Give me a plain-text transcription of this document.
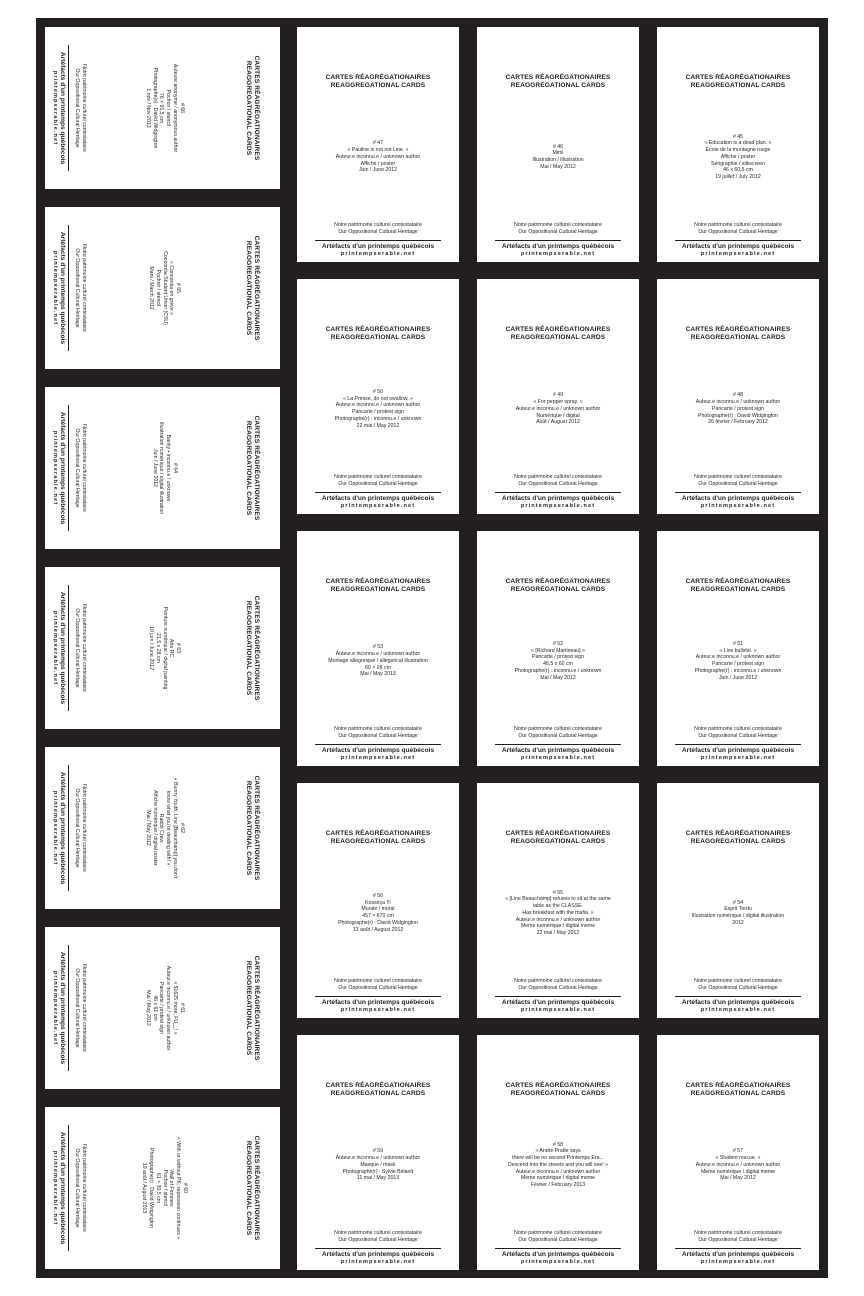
CARTES RÉAGRÉGATIONAIRES
REAGGREGATIONAL CARDS
# 66
Auteure anonyme / anonymous author
Pochoir / stencil
76 × 91,5 cm
Photographe(s) : David Widgington
1 nov / Nov 2013
Notre patrimoine culturel contestataire
Our Oppositional Cultural Heritage
Artéfacts d'un printemps québécois
printempserable.net	CARTES RÉAGRÉGATIONAIRES
REAGGREGATIONAL CARDS
# 47
« Pauline is not not Line. »
Auteur.e inconnu.e / unknown author
Affiche / poster
Juin / June 2012
Notre patrimoine culturel contestataire
Our Oppositional Cultural Heritage
Artéfacts d'un printemps québécois
printempserable.net
CARTES RÉAGRÉGATIONAIRES
REAGGREGATIONAL CARDS
# 46
Mimi
Illustration / illustration
Mai / May 2012
Notre patrimoine culturel contestataire
Our Oppositional Cultural Heritage
Artéfacts d'un printemps québécois
printempserable.net
CARTES RÉAGRÉGATIONAIRES
REAGGREGATIONAL CARDS
# 45
« Education is a dead plan. »
École de la montagne rouge
Affiche / poster
Sérigraphie / silkscreen
46 x 60,5 cm
19 juillet / July 2012
Notre patrimoine culturel contestataire
Our Oppositional Cultural Heritage
Artéfacts d'un printemps québécois
printempserable.net
CARTES RÉAGRÉGATIONAIRES
REAGGREGATIONAL CARDS
# 65
« Concordia en grève »
Concordia Student Union (CSU)
Pochoir / stencil
Mars / March 2012
Notre patrimoine culturel contestataire
Our Oppositional Cultural Heritage
Artéfacts d'un printemps québécois
printempserable.net
CARTES RÉAGRÉGATIONAIRES
REAGGREGATIONAL CARDS
# 50
« La Presse, do not swallow. »
Auteur.e inconnu.e / unknown author
Pancarte / protest sign
Photographe(r) : inconnu.e / unknown
22 mai / May 2012
Notre patrimoine culturel contestataire
Our Oppositional Cultural Heritage
Artéfacts d'un printemps québécois
printempserable.net
CARTES RÉAGRÉGATIONAIRES
REAGGREGATIONAL CARDS
# 49
« For pepper spray. »
Auteur.e inconnu.e / unknown author
Numérique / digital
Août / August 2012
Notre patrimoine culturel contestataire
Our Oppositional Cultural Heritage
Artéfacts d'un printemps québécois
printempserable.net
CARTES RÉAGRÉGATIONAIRES
REAGGREGATIONAL CARDS
# 48
Auteur.e inconnu.e / unknown author
Pancarte / protest sign
Photographe(r) : David Widgington
26 février / February 2012
Notre patrimoine culturel contestataire
Our Oppositional Cultural Heritage
Artéfacts d'un printemps québécois
printempserable.net
CARTES RÉAGRÉGATIONAIRES
REAGGREGATIONAL CARDS
# 64
Banky • inconnu.e / unknown
Illustration numérique / digital illustration
Juin / June 2012
Notre patrimoine culturel contestataire
Our Oppositional Cultural Heritage
Artéfacts d'un printemps québécois
printempserable.net
CARTES RÉAGRÉGATIONAIRES
REAGGREGATIONAL CARDS
# 63
Arts RC
Peinture numérique / digital painting
21,5 x 28 cm
10 juin / June 2012
Notre patrimoine culturel contestataire
Our Oppositional Cultural Heritage
Artéfacts d'un printemps québécois
printempserable.net
CARTES RÉAGRÉGATIONAIRES
REAGGREGATIONAL CARDS
# 53
Auteur.e inconnu.e / unknown author
Montage allégorique / allegorical illustration
60 × 28 cm
Mai / May 2013
Notre patrimoine culturel contestataire
Our Oppositional Cultural Heritage
Artéfacts d'un printemps québécois
printempserable.net
CARTES RÉAGRÉGATIONAIRES
REAGGREGATIONAL CARDS
# 52
« [Richard Martineau] »
Pancarte / protest sign
46,5 x 60 cm
Photographe(r) : inconnu.e / unknown
Mai / May 2012
Notre patrimoine culturel contestataire
Our Oppositional Cultural Heritage
Artéfacts d'un printemps québécois
printempserable.net
CARTES RÉAGRÉGATIONAIRES
REAGGREGATIONAL CARDS
# 51
« Live bullshit. »
Auteur.e inconnu.e / unknown author
Pancarte / protest sign
Photographe(r) : inconnu.e / unknown
Juin / June 2012
Notre patrimoine culturel contestataire
Our Oppositional Cultural Heritage
Artéfacts d'un printemps québécois
printempserable.net
CARTES RÉAGRÉGATIONAIRES
REAGGREGATIONAL CARDS
# 62
« Bunny Youth, Line [Beauchamp] you don't
know what you're dealing with! »
Rabbit Crew
Affiche numérique / digital poster
Mai / May 2012
Notre patrimoine culturel contestataire
Our Oppositional Cultural Heritage
Artéfacts d'un printemps québécois
printempserable.net	CARTES RÉAGRÉGATIONAIRES
REAGGREGATIONAL CARDS
# 56
Kossèça !!!
Murale / mural
457 × 670 cm
Photographe(r) : David Widgington
13 août / August 2012
Notre patrimoine culturel contestataire
Our Oppositional Cultural Heritage
Artéfacts d'un printemps québécois
printempserable.net
CARTES RÉAGRÉGATIONAIRES
REAGGREGATIONAL CARDS
# 55
« [Line Beauchamp] refuses to sit at the same
table as the CLASSE.
Has breakfast with the mafia. »
Auteur.e inconnu.e / unknown author
Meme numérique / digital meme
22 mai / May 2012
Notre patrimoine culturel contestataire
Our Oppositional Cultural Heritage
Artéfacts d'un printemps québécois
printempserable.net
CARTES RÉAGRÉGATIONAIRES
REAGGREGATIONAL CARDS
# 54
Esprit Tordu
Illustration numérique / digital illustration
2012
Notre patrimoine culturel contestataire
Our Oppositional Cultural Heritage
Artéfacts d'un printemps québécois
printempserable.net
CARTES RÉAGRÉGATIONAIRES
REAGGREGATIONAL CARDS
# 61
« $1625 more, FU__! »
Auteur.e inconnu.e / unknown author
Pancarte / protest sign
46 x 61 cm
Mai / May 2012
Notre patrimoine culturel contestataire
Our Oppositional Cultural Heritage
Artéfacts d'un printemps québécois
printempserable.net
CARTES RÉAGRÉGATIONAIRES
REAGGREGATIONAL CARDS
# 60
« With or without PK, repression continues »
Wall of Femmes
Pochoir / stencil
61 × 30,5 cm
Photographe(r) : David Widgington
10 août / August 2013
Notre patrimoine culturel contestataire
Our Oppositional Cultural Heritage
Artéfacts d'un printemps québécois
printempserable.net
CARTES RÉAGRÉGATIONAIRES
REAGGREGATIONAL CARDS
# 59
Auteur.e inconnu.e / unknown author
Masque / mask
Photographe(r) : Sylvie Béland
11 mai / May 2013
Notre patrimoine culturel contestataire
Our Oppositional Cultural Heritage
Artéfacts d'un printemps québécois
printempserable.net
CARTES RÉAGRÉGATIONAIRES
REAGGREGATIONAL CARDS
# 58
« André Pratte says
there will be no second Printemps Éra...
Descend into the streets and you will see! »
Auteur.e inconnu.e / unknown author
Meme numérique / digital meme
Février / February 2013
Notre patrimoine culturel contestataire
Our Oppositional Cultural Heritage
Artéfacts d'un printemps québécois
printempserable.net
CARTES RÉAGRÉGATIONAIRES
REAGGREGATIONAL CARDS
# 57
« Student rescue. »
Auteur.e inconnu.e / unknown author
Meme numérique / digital meme
Mai / May 2012
Notre patrimoine culturel contestataire
Our Oppositional Cultural Heritage
Artéfacts d'un printemps québécois
printempserable.net
